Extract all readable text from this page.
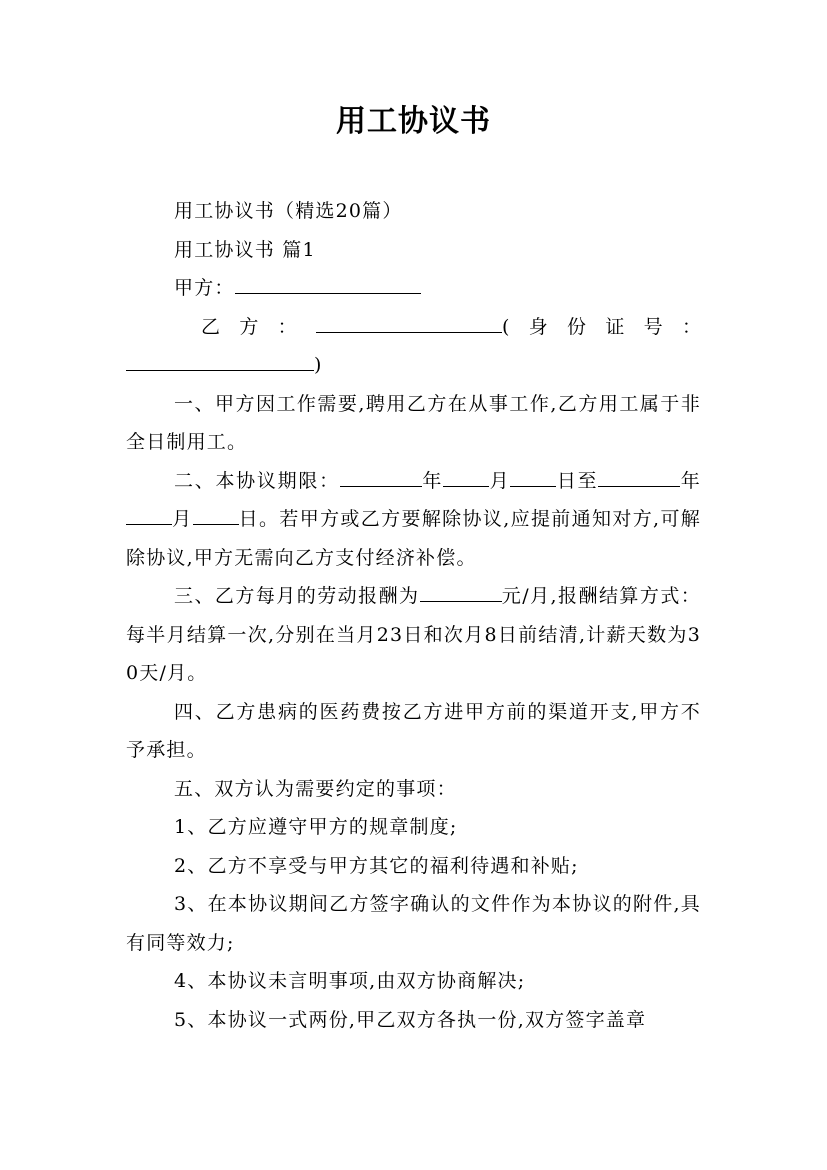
用工协议书

用工协议书（精选20篇）

用工协议书 篇1

甲方：

乙方：	(身份证号：

)

一、甲方因工作需要,聘用乙方在从事工作,乙方用工属于非全日制用工。

二、本协议期限：	年 月 日至	年月 日。若甲方或乙方要解除协议,应提前通知对方,可解除协议,甲方无需向乙方支付经济补偿。

三、乙方每月的劳动报酬为	元/月,报酬结算方式：每半月结算一次,分别在当月23日和次月8日前结清,计薪天数为30天/月。

四、乙方患病的医药费按乙方进甲方前的渠道开支,甲方不予承担。

五、双方认为需要约定的事项：

1、乙方应遵守甲方的规章制度;

2、乙方不享受与甲方其它的福利待遇和补贴;

3、在本协议期间乙方签字确认的文件作为本协议的附件,具有同等效力;

4、本协议未言明事项,由双方协商解决;

5、本协议一式两份,甲乙双方各执一份,双方签字盖章
